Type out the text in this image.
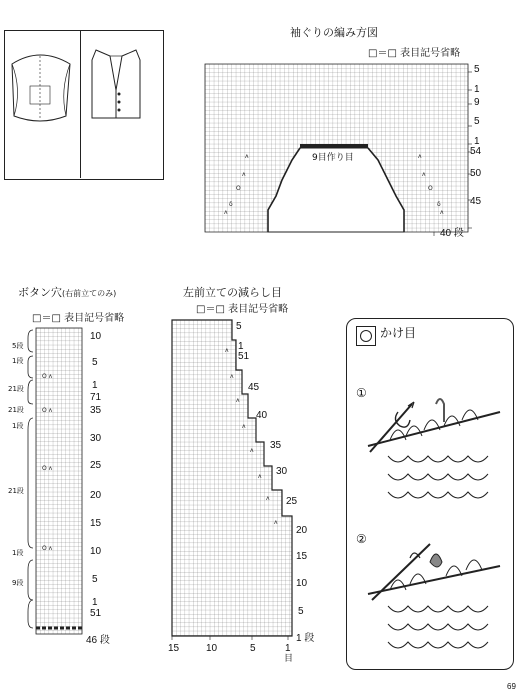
袖ぐりの編み方図
□＝□ 表目記号省略
ʌ
ʌ
O
δ
ʌ
ʌ
ʌ
O
δ
ʌ
9目作り目
5
1
9
5
1
54
50
45
40 段
ボタン穴(右前立てのみ)
□＝□ 表目記号省略
O ʌ
O ʌ
O ʌ
O ʌ
5段
1段
21段
21段
1段
21段
1段
9段
10
5
1
71
35
30
25
20
15
10
5
1
51
46 段
左前立ての減らし目
□＝□ 表目記号省略
ʌ
ʌ
ʌ
ʌ
ʌ
ʌ
ʌ
ʌ
5
1
51
45
40
35
30
25
20
15
10
5
1 段
15	10	5	1
目
かけ目
①
②
69
